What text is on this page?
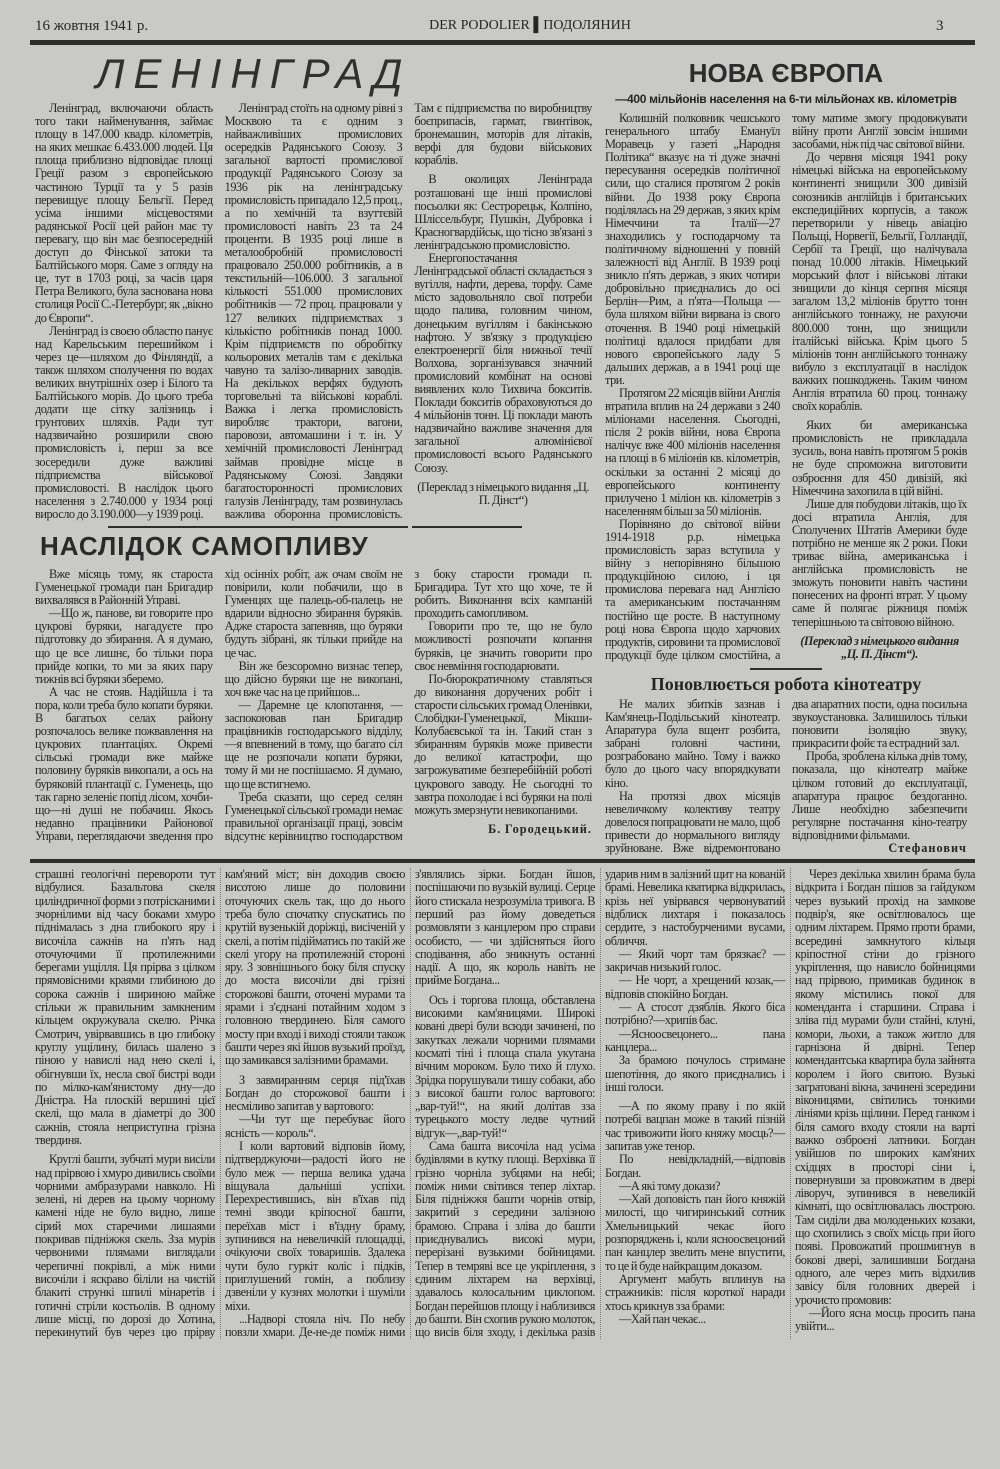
16 жовтня 1941 р.	DER PODOLIER ▌ПОДОЛЯНИН	3
ЛЕНІНГРАД

Ленінград, включаючи область того таки найменування, займає площу в 147.000 квадр. кілометрів, на яких мешкає 6.433.000 людей. Ця площа приблизно відповідає площі Греції разом з європейською частиною Турції та у 5 разів перевищує площу Бельгії. Перед усіма іншими місцевостями радянської Росії цей район має ту перевагу, що він має безпосередній доступ до Фінської затоки та Балтійського моря. Саме з огляду на це, тут в 1703 році, за часів царя Петра Великого, була заснована нова столиця Росії С.-Петербург, як „вікно до Європи“.

Ленінград із своєю областю панує над Карельським перешийком і через це—шляхом до Фінляндії, а також шляхом сполучення по водах великих внутрішніх озер і Білого та Балтійського морів. До цього треба додати ще сітку залізниць і грунтових шляхів. Ради тут надзвичайно розширили свою промисловість і, перш за все зосередили дуже важливі підприємства військової промисловості. В наслідок цього населення з 2.740.000 у 1934 році виросло до 3.190.000—у 1939 році.

Ленінград стоїть на одному рівні з Москвою та є одним з найважливіших промислових осередків Радянського Союзу. З загальної вартості промислової продукції Радянського Союзу за 1936 рік на ленінградську промисловість припадало 12,5 проц., а по хемічній та взуттєвій промисловості навіть 23 та 24 проценти. В 1935 році лише в металообробній промисловості працювало 250.000 робітників, а в текстильній—106.000. З загальної кількості 551.000 промислових робітників — 72 проц. працювали у 127 великих підприємствах з кількістю робітників понад 1000. Крім підприємств по обробітку кольорових металів там є декілька чавуно та залізо-ливарних заводів. На декількох верфях будують торговельні та військові кораблі. Важка і легка промисловість виробляє трактори, вагони, паровози, автомашини і т. ін. У хемічній промисловості Ленінград займав провідне місце в Радянському Союзі. Завдяки багатосторонності промислових галузів Ленінграду, там розвинулась важлива оборонна промисловість. Там є підприємства по виробництву боєприпасів, гармат, гвинтівок, бронемашин, моторів для літаків, верфі для будови військових кораблів.

В околицях Ленінграда розташовані ще інші промислові посьолки як: Сестрорецьк, Колпіно, Шліссельбург, Пушкін, Дубровка і Красногвардійськ, що тісно зв'язані з ленінградською промисловістю.

Енергопостачання Ленінградської області складається з вугілля, нафти, дерева, торфу. Саме місто задовольняло свої потреби щодо палива, головним чином, донецьким вугіллям і бакінською нафтою. У зв'язку з продукцією електроенергії біля нижньої течії Волхова, зорганізувався значний промисловий комбінат на основі виявлених коло Тихвича бокситів. Поклади бокситів обраховуються до 4 мільйонів тонн. Ці поклади мають надзвичайно важливе значення для загальної алюмінієвої промисловості всього Радянського Союзу.

(Переклад з німецького видання „Ц. П. Дінст“)

НАСЛІДОК САМОПЛИВУ

Вже місяць тому, як староста Гуменецької громади пан Бригадир вихвалявся в Районній Управі.

—Що ж, панове, ви говорите про цукрові буряки, нагадуєте про підготовку до збирання. А я думаю, що це все лишнє, бо тільки пора прийде копки, то ми за яких пару тижнів всі буряки зберемо.

А час не стояв. Надійшла і та пора, коли треба було копати буряки. В багатьох селах району розпочалось велике пожвавлення на цукрових плантаціях. Окремі сільські громади вже майже половину буряків викопали, а ось на буряковій плантації с. Гуменець, що так гарно зеленіє попід лісом, хочби-що—ні душі не побачиш. Якось недавно працівники Районової Управи, переглядаючи зведення про хід осінніх робіт, аж очам своїм не повірили, коли побачили, що в Гуменцях ще палець-об-палець не вдарили відносно збирання буряків. Адже староста запевняв, що буряки будуть зібрані, як тільки прийде на це час.

Він же безсоромно визнає тепер, що дійсно буряки ще не викопані, хоч вже час на це прийшов...

— Даремне це клопотання, —заспокоював пан Бригадир працівників господарського відділу,—я впевнений в тому, що багато сіл ще не розпочали копати буряки, тому й ми не поспішаємо. Я думаю, що ще встигнемо.

Треба сказати, що серед селян Гуменецької сільської громади немає правильної організації праці, зовсім відсутнє керівництво господарством з боку старости громади п. Бригадира. Тут хто що хоче, те й робить. Виконання всіх кампаній проходить самопливом.

Говорити про те, що не було можливості розпочати копання буряків, це значить говорити про своє невміння господарювати.

По-бюрократичному ставляться до виконання доручених робіт і старости сільських громад Оленівки, Слобідки-Гуменецької, Мікши-Колубаєвської та ін. Такий стан з збиранням буряків може привести до великої катастрофи, що загрожуватиме безперебійній роботі цукрового заводу. Не сьогодні то завтра похолодає і всі буряки на полі можуть змерзнути невикопаними.

Б. Городецький.

НОВА ЄВРОПА
—400 мільйонів населення на 6-ти мільйонах кв. кілометрів

Колишній полковник чешського генерального штабу Емануїл Моравець у газеті „Народня Політика“ вказує на ті дуже значні пересування осередків політичної сили, що сталися протягом 2 років війни. До 1938 року Європа поділялась на 29 держав, з яких крім Німеччини та Італії—27 знаходились у господарчому та політичному відношенні у повній залежності від Англії. В 1939 році зникло п'ять держав, з яких чотири добровільно приєднались до осі Берлін—Рим, а п'ята—Польща —була шляхом війни вирвана із свого оточення. В 1940 році німецькій політиці вдалося придбати для нового європейського ладу 5 дальших держав, а в 1941 році ще три.

Протягом 22 місяців війни Англія втратила вплив на 24 держави з 240 міліонами населення. Сьогодні, після 2 років війни, нова Європа налічує вже 400 міліонів населення на площі в 6 міліонів кв. кілометрів, оскільки за останні 2 місяці до европейського континенту прилучено 1 міліон кв. кілометрів з населенням більш за 50 міліонів.

Порівняно до світової війни 1914-1918 р.р. німецька промисловість зараз вступила у війну з непорівняно більшою продукційною силою, і ця промислова перевага над Англією та американським постачанням постійно ще росте. В наступному році нова Європа щодо харчових продуктів, сировини та промислової продукції буде цілком смостійна, а тому матиме змогу продовжувати війну проти Англії зовсім іншими засобами, ніж під час світової війни.

До червня місяця 1941 року німецькі війська на европейському континенті знищили 300 дивізій союзників англійців і британських експедиційних корпусів, а також перетворили у нівець авіацію Польщі, Норвегії, Бельгії, Голландії, Сербії та Греції, що налічувала понад 10.000 літаків. Німецький морський флот і військові літаки знищили до кінця серпня місяця загалом 13,2 міліонів брутто тонн англійського тоннажу, не рахуючи 800.000 тонн, що знищили італійські війська. Крім цього 5 міліонів тонн англійського тоннажу вибуло з експлуатації в наслідок важких пошкоджень. Таким чином Англія втратила 60 проц. тоннажу своїх кораблів.

Яких би американська промисловість не прикладала зусиль, вона навіть протягом 5 років не буде спроможна виготовити озброєння для 450 дивізій, які Німеччина захопила в цій війні.

Лише для побудови літаків, що їх досі втратила Англія, для Сполучених Штатів Америки буде потрібно не менше як 2 роки. Поки триває війна, американська і англійська промисловість не зможуть поновити навіть частини понесених на фронті втрат. У цьому саме й полягає ріжниця поміж теперішньою та світовою війною.

(Переклад з німецького видання „Ц. П. Дінст“).

Поновлюється робота кінотеатру

Не малих збитків зазнав і Кам'янець-Подільський кінотеатр. Апаратура була вщент розбита, забрані головні частини, розграбовано майно. Тому і важко було до цього часу впорядкувати кіно.

На протязі двох місяців невеличкому колективу театру довелося попрацювати не мало, щоб привести до нормального вигляду зруйноване. Вже відремонтовано два апаратних пости, одна посильна звукоустановка. Залишилось тільки поновити ізоляцію звуку, прикрасити фойє та естрадний зал.

Проба, зроблена кілька днів тому, показала, що кінотеатр майже цілком готовий до експлуатації, апаратура працює бездоганно. Лише необхідно забезпечити регулярне постачання кіно-театру відповідними фільмами.

Стефанович

страшні геологічні перевороти тут відбулися. Базальтова скеля циліндричної форми з потрісканими і зчорнілими від часу боками хмуро піднімалась з дна глибокого яру і височіла сажнів на п'ять над оточуючими її протилежними берегами ущілля. Ця прірва з цілком прямовісними краями глибиною до сорока сажнів і шириною майже стільки ж правильним замкненим кільцем окружувала скелю. Річка Смотрич, увірвавшись в цю глибоку круглу ущілину, билась шалено з піною у навислі над нею скелі і, обігнувши їх, несла свої бистрі води по мілко-кам'янистому дну—до Дністра. На плоскій вершині цієї скелі, що мала в діаметрі до 300 сажнів, стояла неприступна грізна твердиня.

Круглі башти, зубчаті мури висіли над прірвою і хмуро дивились своїми чорними амбразурами навколо. Ні зелені, ні дерев на цьому чорному камені ніде не було видно, лише сірий мох старечими лишаями покривав підніжжя скель. Зза мурів червоними плямами виглядали черепичні покрівлі, а між ними височіли і яскраво біліли на чистій блакиті стрункі шпилі мінаретів і готичні стріли костьолів. В одному лише місці, по дорозі до Хотина, перекинутий був через цю прірву кам'яний міст; він доходив своєю висотою лише до половини оточуючих скель так, що до нього треба було спочатку спускатись по крутій вузенькій доріжці, висіченій у скелі, а потім підійматись по такій же скелі угору на протилежній стороні яру. З зовнішнього боку біля спуску до моста височіли дві грізні сторожові башти, оточені мурами та ярами і з'єднані потайним ходом з головною твердинею. Біля самого мосту при вході і виході стояли також башти через які йшов вузький проїзд, що замикався залізними брамами.

З завмиранням серця під'їхав Богдан до сторожової башти і несміливо запитав у вартового:

—Чи тут ще перебуває його ясність — король“.

І коли вартовий відповів йому, підтверджуючи—радості його не було меж — перша велика удача віщувала дальніші успіхи. Перехрестившись, він в'їхав під темні зводи кріпосної башти, переїхав міст і в'їздну браму, зупинився на невеличкій площадці, очікуючи своїх товаришів. Здалека чути було гуркіт коліс і підків, приглушений гомін, а поблизу дзвеніли у кузнях молотки і шуміли міхи.

...Надворі стояла ніч. По небу повзли хмари. Де-не-де поміж ними з'являлись зірки. Богдан йшов, поспішаючи по вузькій вулиці. Серце його стискала незрозуміла тривога. В перший раз йому доведеться розмовляти з канцлером про справи особисто, — чи здійсняться його сподівання, або зникнуть останні надії. А що, як король навіть не прийме Богдана...

Ось і торгова площа, обставлена високими кам'яницями. Широкі ковані двері були всюди зачинені, по закутках лежали чорними плямами косматі тіні і площа спала укутана вічним мороком. Було тихо й глухо. Зрідка порушували тишу собаки, або з високої башти голос вартового: „вар-туй!“, на який долітав зза турецького мосту ледве чутний відгук—„вар-туй!“

Сама башта височіла над усіма будівлями в кутку площі. Верхівка її грізно чорніла зубцями на небі; поміж ними світився тепер ліхтар. Біля підніжжя башти чорнів отвір, закритий з середини залізною брамою. Справа і зліва до башти приєднувались високі мури, перерізані вузькими бойницями. Тепер в темряві все це укріплення, з єдиним ліхтарем на верхівці, здавалось колосальним циклопом. Богдан перейшов площу і наблизився до башти. Він схопив рукою молоток, що висів біля зходу, і декілька разів ударив ним в залізний щит на кованій брамі. Невелика кватирка відкрилась, крізь неї увірвався червонуватий відблиск лихтаря і показалось сердите, з настобурченими вусами, обличчя.

— Який чорт там брязкає? —закричав низький голос.

— Не чорт, а хрещений козак,—відповів спокійно Богдан.

— А стосот дзяблів. Якого біса потрібно?—хрипів бас.

—Ясноосвецонего... пана канцлера...

За брамою почулось стримане шепотіння, до якого приєднались і інші голоси.

—А по якому праву і по якій потребі вацпан може в такий пізній час тривожити його княжу мосць?—запитав уже тенор.

По невідкладній,—відповів Богдан.

—А які тому докази?

—Хай доповість пан його княжій милості, що чигиринський сотник Хмельницький чекає його розпоряджень і, коли ясноосвецоний пан канцлер звелить мене впустити, то це й буде найкращим доказом.

Аргумент мабуть вплинув на стражників: після короткої наради хтось крикнув зза брами:

—Хай пан чекає...

Через декілька хвилин брама була відкрита і Богдан пішов за гайдуком через вузький прохід на замкове подвір'я, яке освітлювалось ще одним ліхтарем. Прямо проти брами, всередині замкнутого кільця кріпостної стіни до грізного укріплення, що нависло бойницями над прірвою, примикав будинок в якому містились покої для коменданта і старшини. Справа і зліва під мурами були стайні, клуні, комори, льохи, а також житло для гарнізона й двірні. Тепер комендантська квартира була зайнята королем і його свитою. Вузькі загратовані вікна, зачинені зсередини віконицями, світились тонкими лініями крізь щілини. Перед ганком і біля самого входу стояли на варті важко озброєні латники. Богдан увійшов по широких кам'яних східцях в просторі сіни і, повернувши за провожатим в двері ліворуч, зупинився в невеликій кімнаті, що освітлювалась люстрою. Там сиділи два молоденьких козаки, що схопились з своїх місць при його появі. Провожатий прошмигнув в бокові двері, залишивши Богдана одного, але через мить відхилив завісу біля головних дверей і урочисто промовив:

—Його ясна мосць просить пана увійти...
